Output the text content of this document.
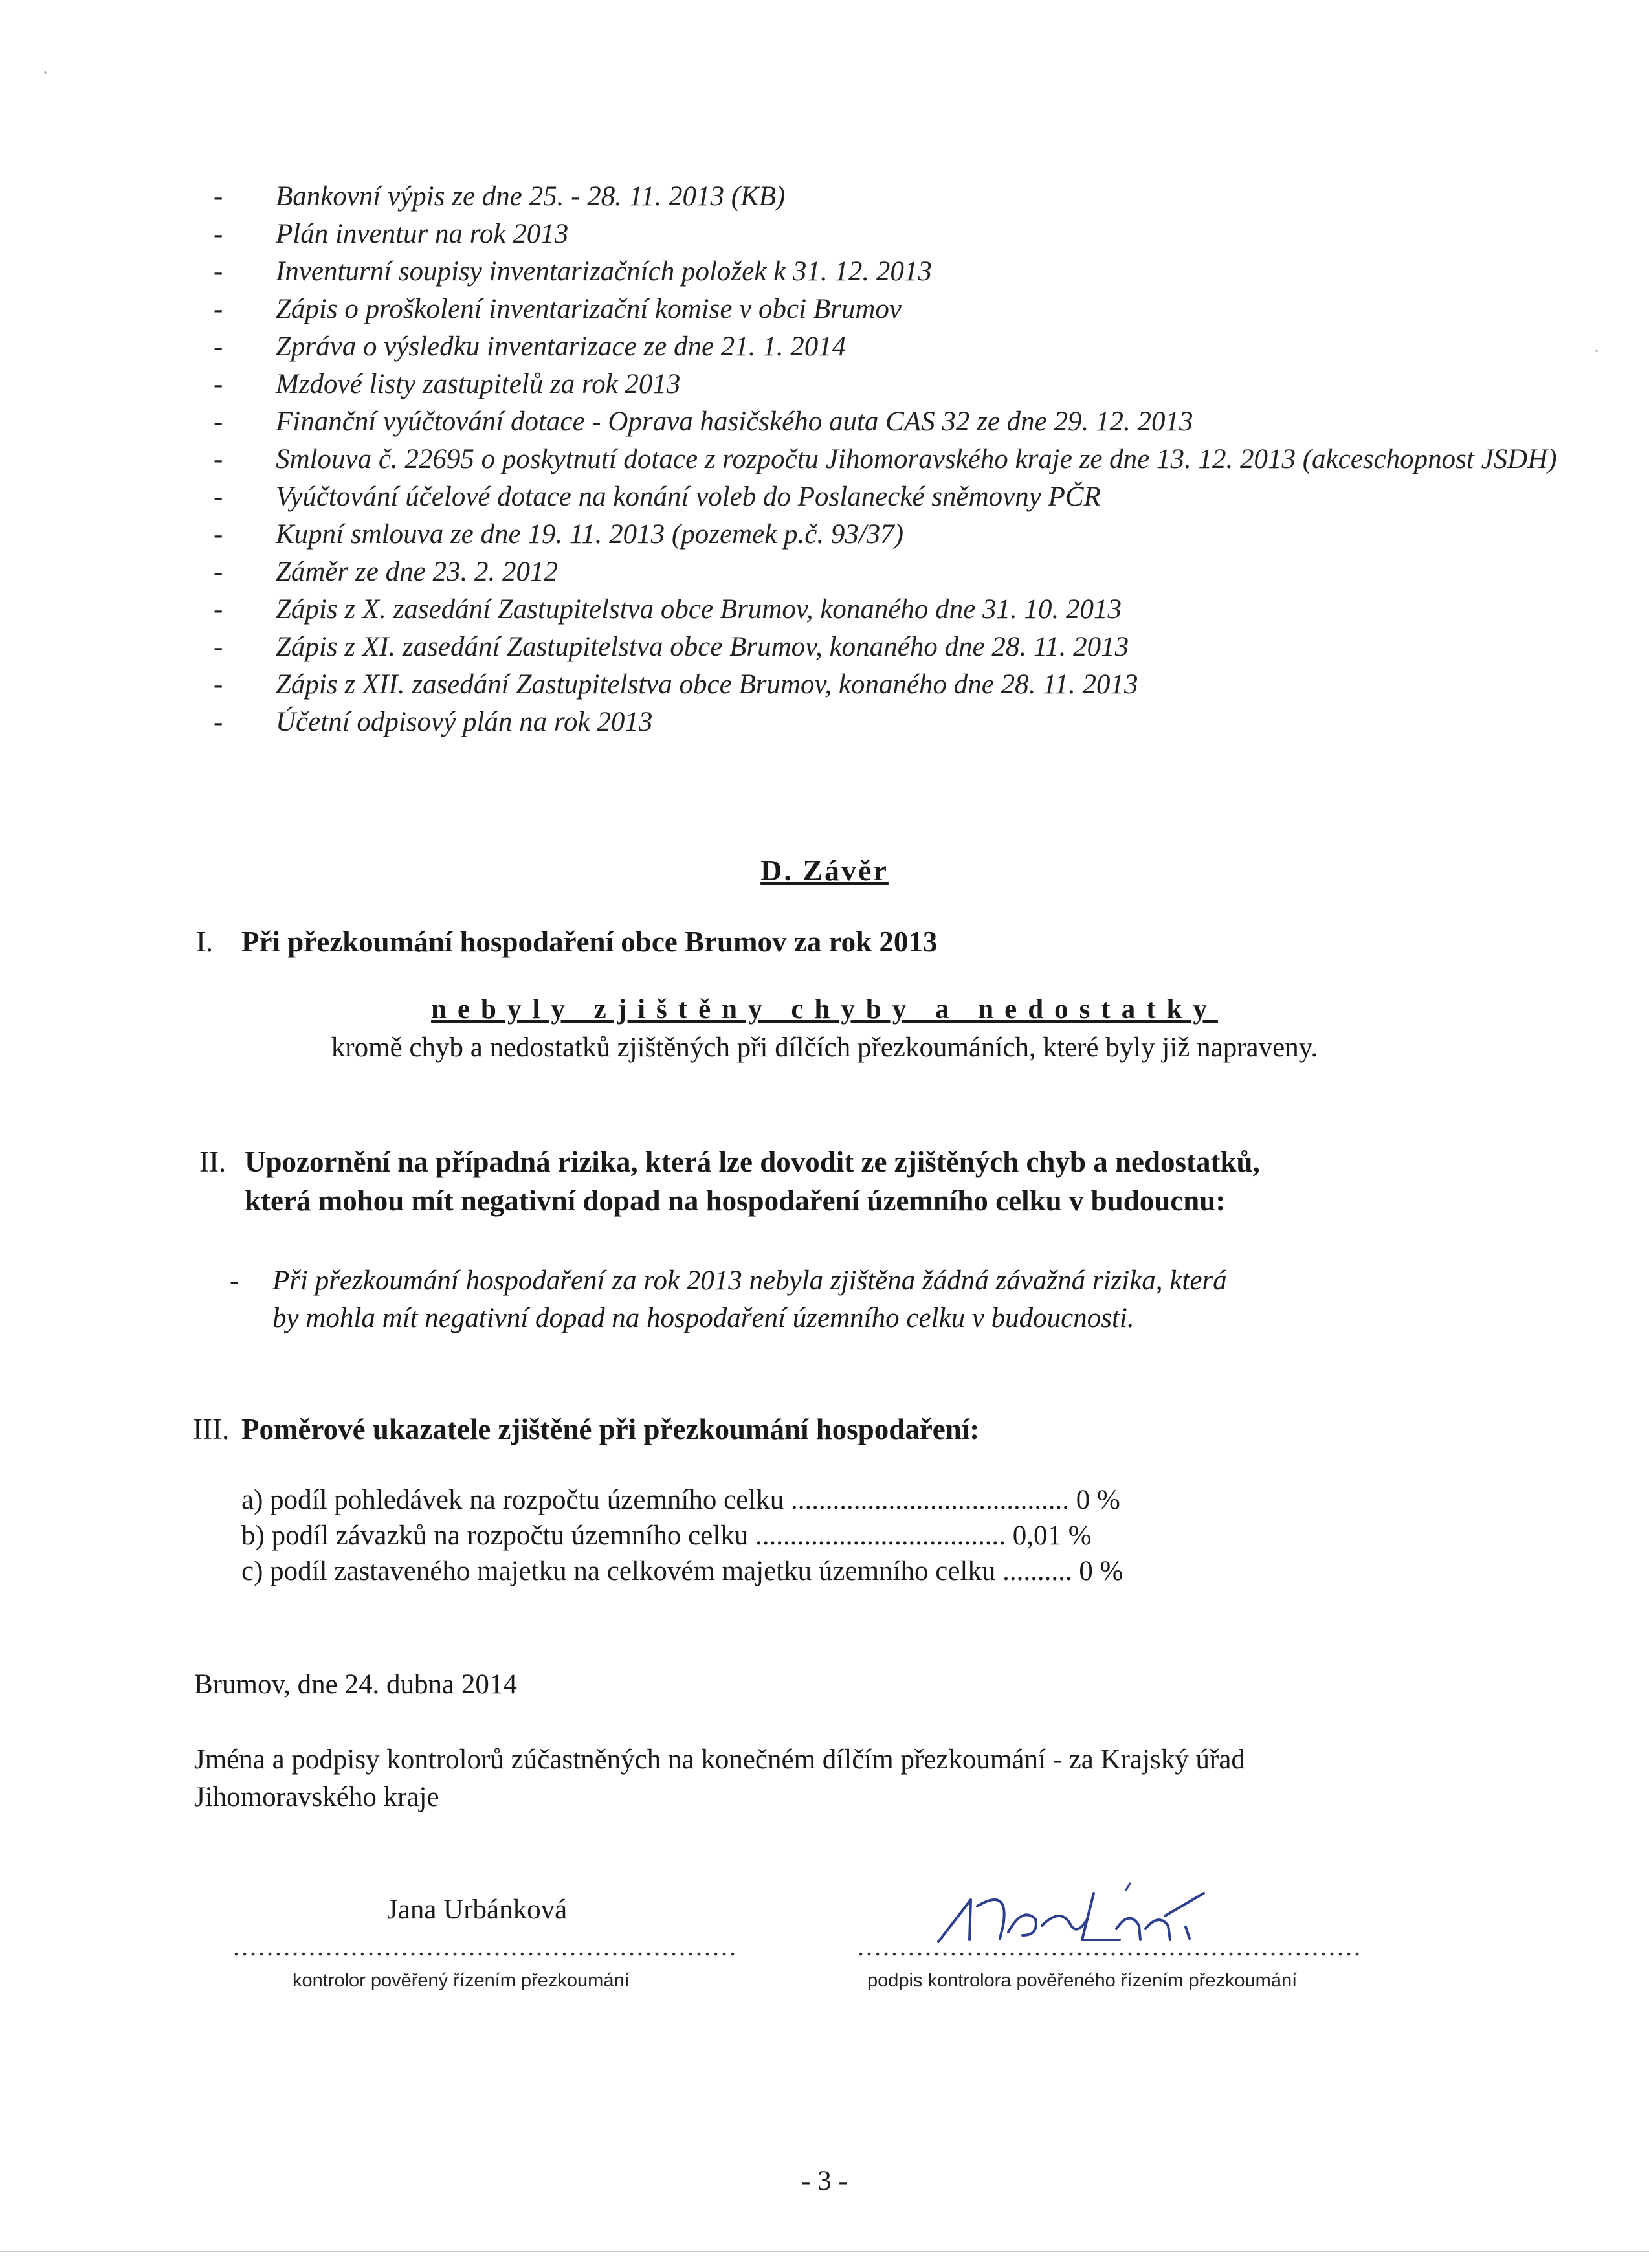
- Bankovní výpis ze dne 25. - 28. 11. 2013 (KB)
- Plán inventur na rok 2013
- Inventurní soupisy inventarizačních položek k 31. 12. 2013
- Zápis o proškolení inventarizační komise v obci Brumov
- Zpráva o výsledku inventarizace ze dne 21. 1. 2014
- Mzdové listy zastupitelů za rok 2013
- Finanční vyúčtování dotace - Oprava hasičského auta CAS 32 ze dne 29. 12. 2013
- Smlouva č. 22695 o poskytnutí dotace z rozpočtu Jihomoravského kraje ze dne 13. 12. 2013 (akceschopnost JSDH)
- Vyúčtování účelové dotace na konání voleb do Poslanecké sněmovny PČR
- Kupní smlouva ze dne 19. 11. 2013 (pozemek p.č. 93/37)
- Záměr ze dne 23. 2. 2012
- Zápis z X. zasedání Zastupitelstva obce Brumov, konaného dne 31. 10. 2013
- Zápis z XI. zasedání Zastupitelstva obce Brumov, konaného dne 28. 11. 2013
- Zápis z XII. zasedání Zastupitelstva obce Brumov, konaného dne 28. 11. 2013
- Účetní odpisový plán na rok 2013
D. Závěr
I. Při přezkoumání hospodaření obce Brumov za rok 2013
nebyly zjištěny chyby a nedostatky
kromě chyb a nedostatků zjištěných při dílčích přezkoumáních, které byly již napraveny.
II. Upozornění na případná rizika, která lze dovodit ze zjištěných chyb a nedostatků,
která mohou mít negativní dopad na hospodaření územního celku v budoucnu:
- Při přezkoumání hospodaření za rok 2013 nebyla zjištěna žádná závažná rizika, která
by mohla mít negativní dopad na hospodaření územního celku v budoucnosti.
III. Poměrové ukazatele zjištěné při přezkoumání hospodaření:
a) podíl pohledávek na rozpočtu územního celku ........................................ 0 %
b) podíl závazků na rozpočtu územního celku .................................... 0,01 %
c) podíl zastaveného majetku na celkovém majetku územního celku .......... 0 %
Brumov, dne 24. dubna 2014
Jména a podpisy kontrolorů zúčastněných na konečném dílčím přezkoumání - za Krajský úřad
Jihomoravského kraje
Jana Urbánková
............................................................
kontrolor pověřený řízením přezkoumání
............................................................
podpis kontrolora pověřeného řízením přezkoumání
- 3 -
